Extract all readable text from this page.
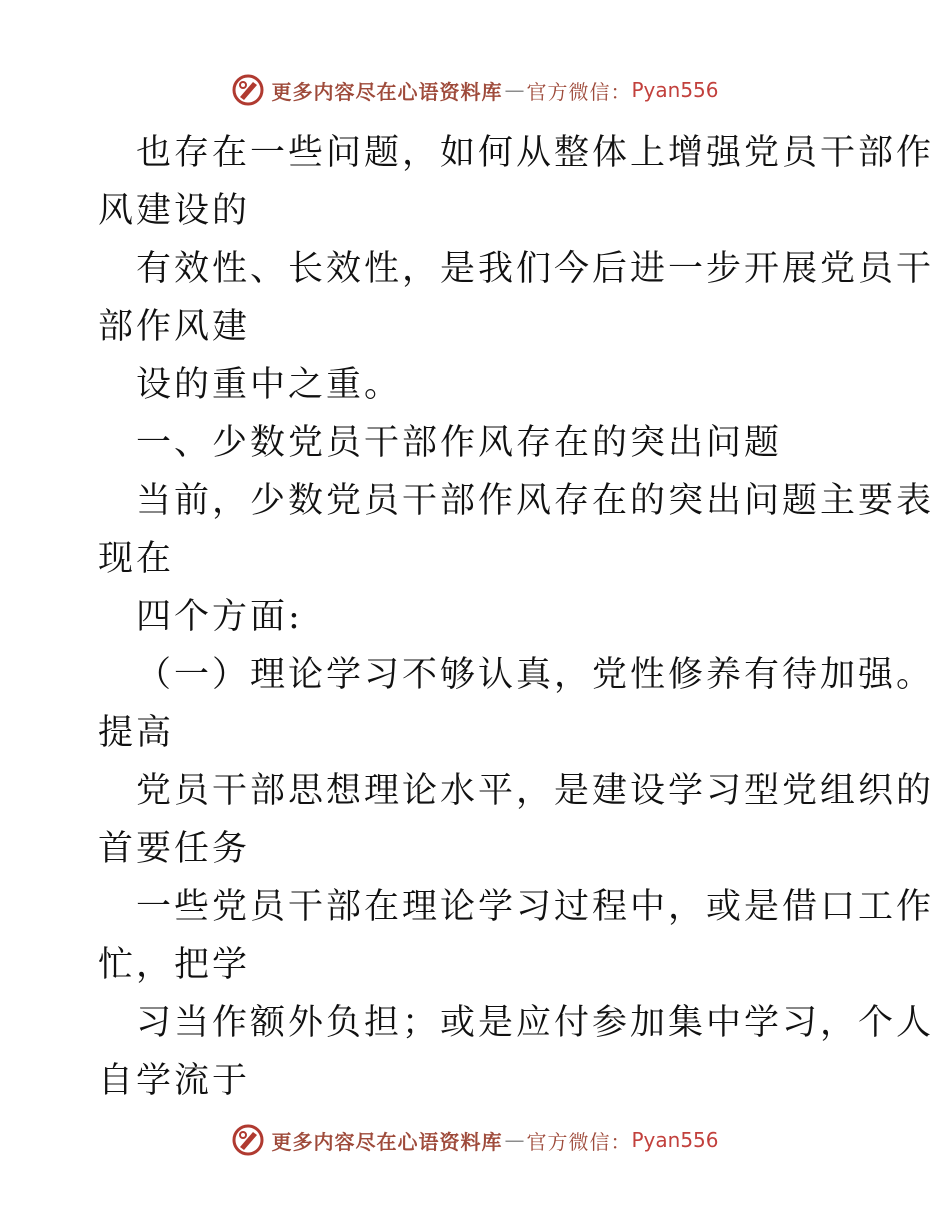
更多内容尽在心语资料库 — 官方微信： Pyan556
也存在一些问题，如何从整体上增强党员干部作
风建设的
有效性、长效性，是我们今后进一步开展党员干
部作风建
设的重中之重。
一、少数党员干部作风存在的突出问题
当前，少数党员干部作风存在的突出问题主要表
现在
四个方面:
（一）理论学习不够认真，党性修养有待加强。
提高
党员干部思想理论水平，是建设学习型党组织的
首要任务
一些党员干部在理论学习过程中，或是借口工作
忙，把学
习当作额外负担；或是应付参加集中学习，个人
自学流于
更多内容尽在心语资料库 — 官方微信： Pyan556
